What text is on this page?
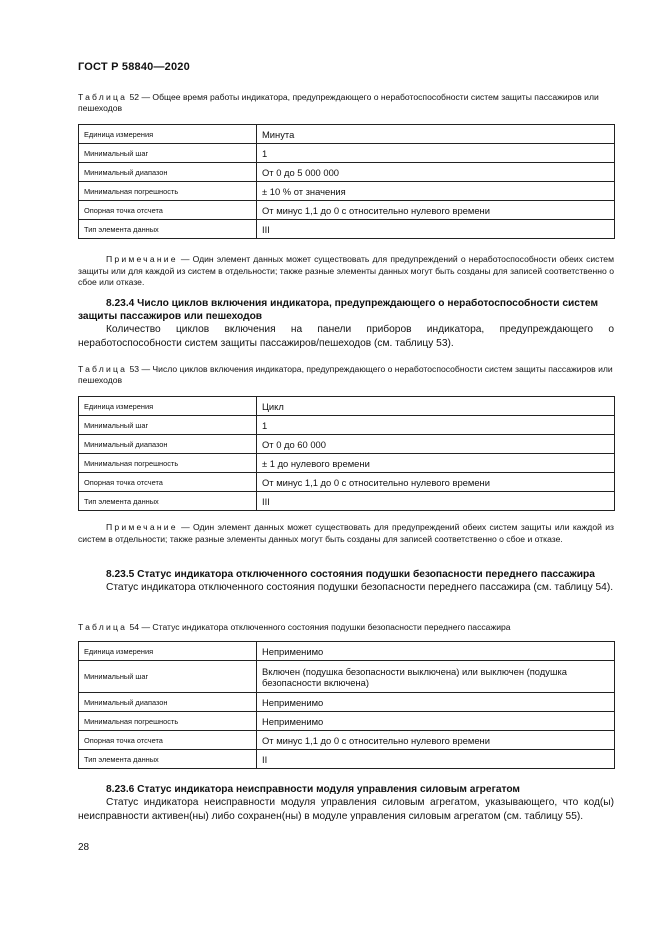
ГОСТ Р 58840—2020
Таблица 52 — Общее время работы индикатора, предупреждающего о неработоспособности систем защиты пассажиров или пешеходов
Единица измерения	Минута
Минимальный шаг	1
Минимальный диапазон	От 0 до 5 000 000
Минимальная погрешность	± 10 % от значения
Опорная точка отсчета	От минус 1,1 до 0 с относительно нулевого времени
Тип элемента данных	III
Примечание — Один элемент данных может существовать для предупреждений о неработоспособности обеих систем защиты или для каждой из систем в отдельности; также разные элементы данных могут быть созданы для записей соответственно о сбое или отказе.
8.23.4 Число циклов включения индикатора, предупреждающего о неработоспособности систем защиты пассажиров или пешеходов
Количество циклов включения на панели приборов индикатора, предупреждающего о неработоспособности систем защиты пассажиров/пешеходов (см. таблицу 53).
Таблица 53 — Число циклов включения индикатора, предупреждающего о неработоспособности систем защиты пассажиров или пешеходов
Единица измерения	Цикл
Минимальный шаг	1
Минимальный диапазон	От 0 до 60 000
Минимальная погрешность	± 1 до нулевого времени
Опорная точка отсчета	От минус 1,1 до 0 с относительно нулевого времени
Тип элемента данных	III
Примечание — Один элемент данных может существовать для предупреждений обеих систем защиты или каждой из систем в отдельности; также разные элементы данных могут быть созданы для записей соответственно о сбое и отказе.
8.23.5 Статус индикатора отключенного состояния подушки безопасности переднего пассажира
Статус индикатора отключенного состояния подушки безопасности переднего пассажира (см. таблицу 54).
Таблица 54 — Статус индикатора отключенного состояния подушки безопасности переднего пассажира
Единица измерения	Неприменимо
Минимальный шаг	Включен (подушка безопасности выключена) или выключен (подушка безопасности включена)
Минимальный диапазон	Неприменимо
Минимальная погрешность	Неприменимо
Опорная точка отсчета	От минус 1,1 до 0 с относительно нулевого времени
Тип элемента данных	II
8.23.6 Статус индикатора неисправности модуля управления силовым агрегатом
Статус индикатора неисправности модуля управления силовым агрегатом, указывающего, что код(ы) неисправности активен(ны) либо сохранен(ны) в модуле управления силовым агрегатом (см. таблицу 55).
28
